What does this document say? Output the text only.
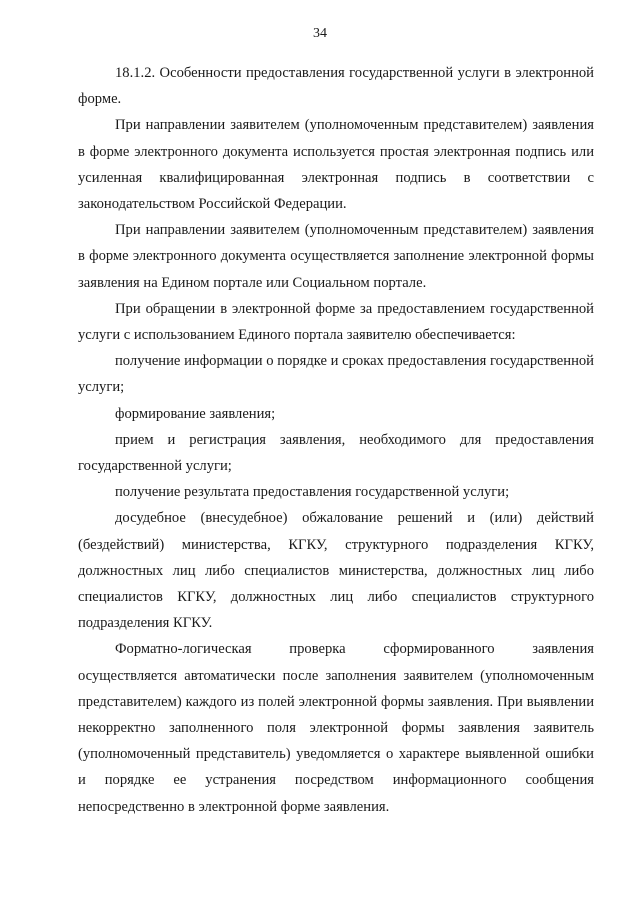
34

18.1.2. Особенности предоставления государственной услуги в электронной форме.

При направлении заявителем (уполномоченным представителем) заявления в форме электронного документа используется простая электронная подпись или усиленная квалифицированная электронная подпись в соответствии с законодательством Российской Федерации.

При направлении заявителем (уполномоченным представителем) заявления в форме электронного документа осуществляется заполнение электронной формы заявления на Едином портале или Социальном портале.

При обращении в электронной форме за предоставлением государственной услуги с использованием Единого портала заявителю обеспечивается:

получение информации о порядке и сроках предоставления государственной услуги;

формирование заявления;

прием и регистрация заявления, необходимого для предоставления государственной услуги;

получение результата предоставления государственной услуги;

досудебное (внесудебное) обжалование решений и (или) действий (бездействий) министерства, КГКУ, структурного подразделения КГКУ, должностных лиц либо специалистов министерства, должностных лиц либо специалистов КГКУ, должностных лиц либо специалистов структурного подразделения КГКУ.

Форматно-логическая проверка сформированного заявления осуществляется автоматически после заполнения заявителем (уполномоченным представителем) каждого из полей электронной формы заявления. При выявлении некорректно заполненного поля электронной формы заявления заявитель (уполномоченный представитель) уведомляется о характере выявленной ошибки и порядке ее устранения посредством информационного сообщения непосредственно в электронной форме заявления.
